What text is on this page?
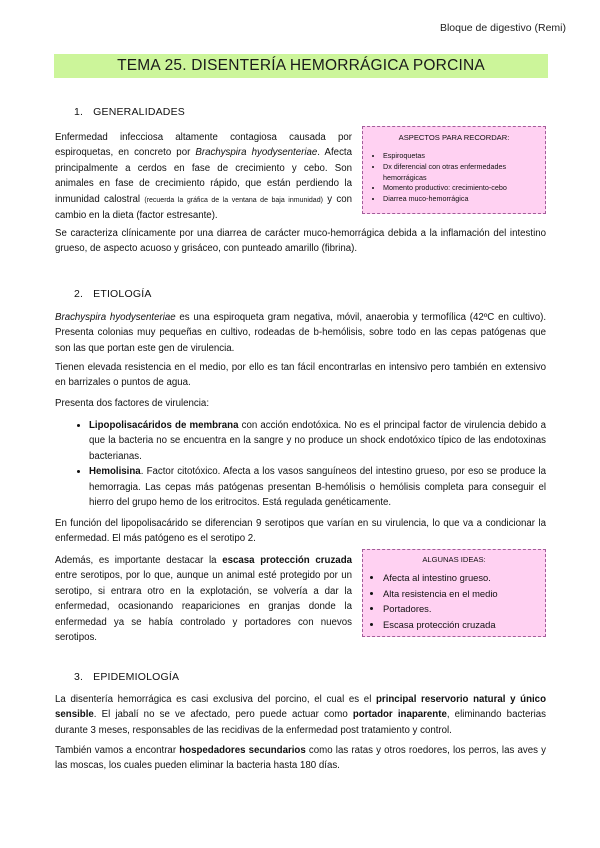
Bloque de digestivo (Remi)
TEMA 25. DISENTERÍA HEMORRÁGICA PORCINA
1. GENERALIDADES

Enfermedad infecciosa altamente contagiosa causada por espiroquetas, en concreto por Brachyspira hyodysenteriae. Afecta principalmente a cerdos en fase de crecimiento y cebo. Son animales en fase de crecimiento rápido, que están perdiendo la inmunidad calostral (recuerda la gráfica de la ventana de baja inmunidad) y con cambio en la dieta (factor estresante).

ASPECTOS PARA RECORDAR:
• Espiroquetas
• Dx diferencial con otras enfermedades hemorrágicas
• Momento productivo: crecimiento-cebo
• Diarrea muco-hemorrágica

Se caracteriza clínicamente por una diarrea de carácter muco-hemorrágica debida a la inflamación del intestino grueso, de aspecto acuoso y grisáceo, con punteado amarillo (fibrina).

2. ETIOLOGÍA

Brachyspira hyodysenteriae es una espiroqueta gram negativa, móvil, anaerobia y termofílica (42ºC en cultivo). Presenta colonias muy pequeñas en cultivo, rodeadas de b-hemólisis, sobre todo en las cepas patógenas que son las que portan este gen de virulencia.

Tienen elevada resistencia en el medio, por ello es tan fácil encontrarlas en intensivo pero también en extensivo en barrizales o puntos de agua.

Presenta dos factores de virulencia:

• Lipopolisacáridos de membrana con acción endotóxica. No es el principal factor de virulencia debido a que la bacteria no se encuentra en la sangre y no produce un shock endotóxico típico de las endotoxinas bacterianas.
• Hemolisina. Factor citotóxico. Afecta a los vasos sanguíneos del intestino grueso, por eso se produce la hemorragia. Las cepas más patógenas presentan B-hemólisis o hemólisis completa para conseguir el hierro del grupo hemo de los eritrocitos. Está regulada genéticamente.

En función del lipopolisacárido se diferencian 9 serotipos que varían en su virulencia, lo que va a condicionar la enfermedad. El más patógeno es el serotipo 2.

Además, es importante destacar la escasa protección cruzada entre serotipos, por lo que, aunque un animal esté protegido por un serotipo, si entrara otro en la explotación, se volvería a dar la enfermedad, ocasionando reapariciones en granjas donde la enfermedad ya se había controlado y portadores con nuevos serotipos.

ALGUNAS IDEAS:
• Afecta al intestino grueso.
• Alta resistencia en el medio
• Portadores.
• Escasa protección cruzada
3. EPIDEMIOLOGÍA

La disentería hemorrágica es casi exclusiva del porcino, el cual es el principal reservorio natural y único sensible. El jabalí no se ve afectado, pero puede actuar como portador inaparente, eliminando bacterias durante 3 meses, responsables de las recidivas de la enfermedad post tratamiento y control.

También vamos a encontrar hospedadores secundarios como las ratas y otros roedores, los perros, las aves y las moscas, los cuales pueden eliminar la bacteria hasta 180 días.
